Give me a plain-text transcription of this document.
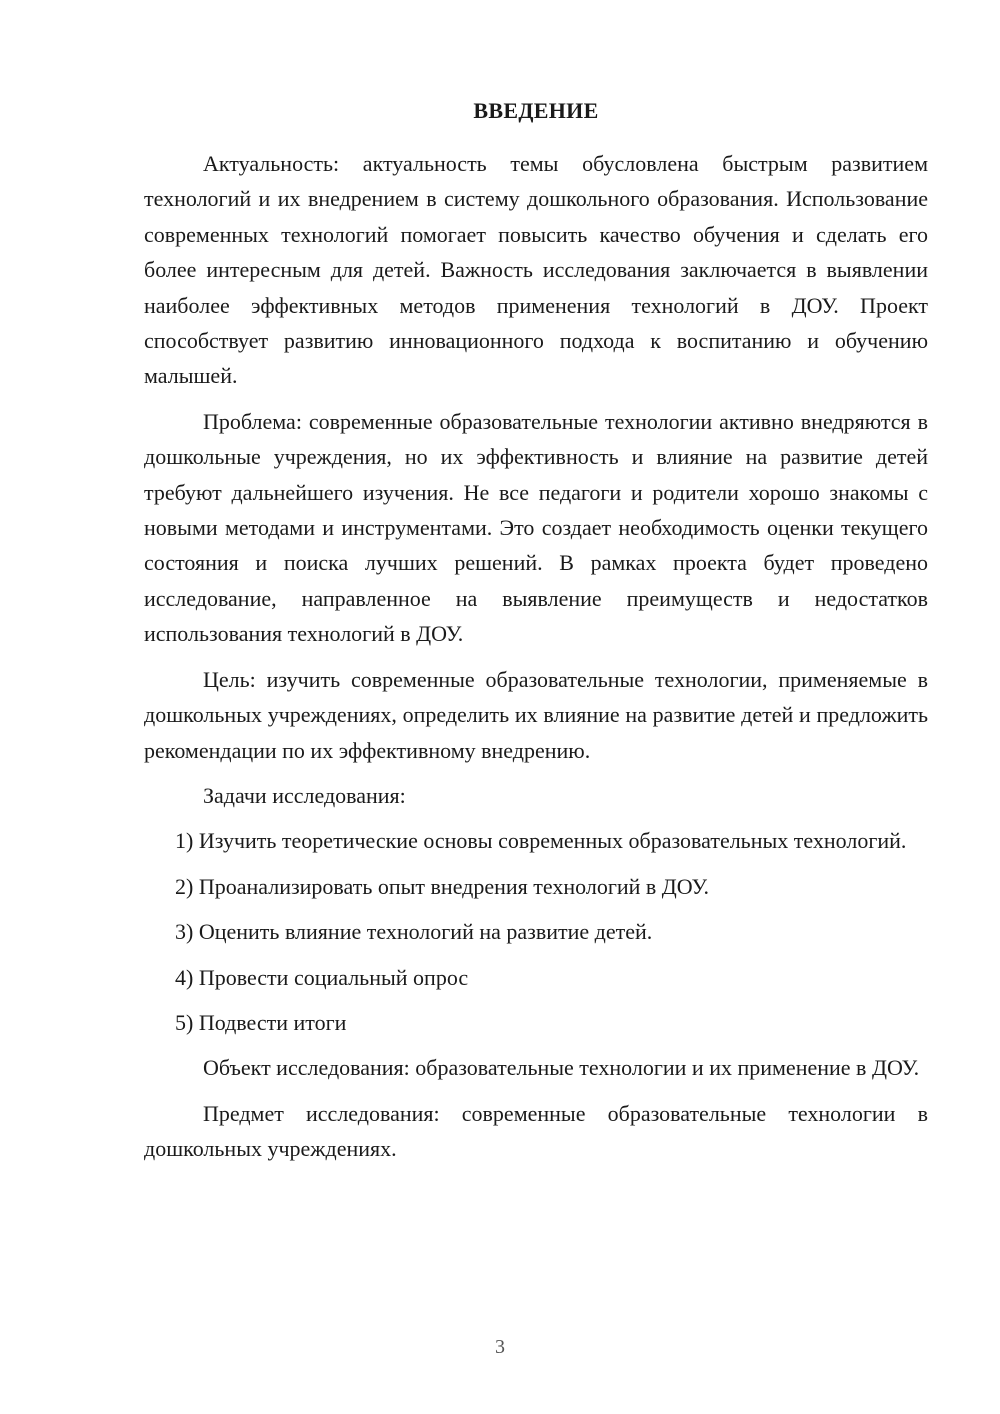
ВВЕДЕНИЕ

Актуальность: актуальность темы обусловлена быстрым развитием технологий и их внедрением в систему дошкольного образования. Использование современных технологий помогает повысить качество обучения и сделать его более интересным для детей. Важность исследования заключается в выявлении наиболее эффективных методов применения технологий в ДОУ. Проект способствует развитию инновационного подхода к воспитанию и обучению малышей.

Проблема: современные образовательные технологии активно внедряются в дошкольные учреждения, но их эффективность и влияние на развитие детей требуют дальнейшего изучения. Не все педагоги и родители хорошо знакомы с новыми методами и инструментами. Это создает необходимость оценки текущего состояния и поиска лучших решений. В рамках проекта будет проведено исследование, направленное на выявление преимуществ и недостатков использования технологий в ДОУ.

Цель: изучить современные образовательные технологии, применяемые в дошкольных учреждениях, определить их влияние на развитие детей и предложить рекомендации по их эффективному внедрению.

Задачи исследования:

1) Изучить теоретические основы современных образовательных технологий.

2) Проанализировать опыт внедрения технологий в ДОУ.

3) Оценить влияние технологий на развитие детей.

4) Провести социальный опрос

5) Подвести итоги

Объект исследования: образовательные технологии и их применение в ДОУ.

Предмет исследования: современные образовательные технологии в дошкольных учреждениях.

3
